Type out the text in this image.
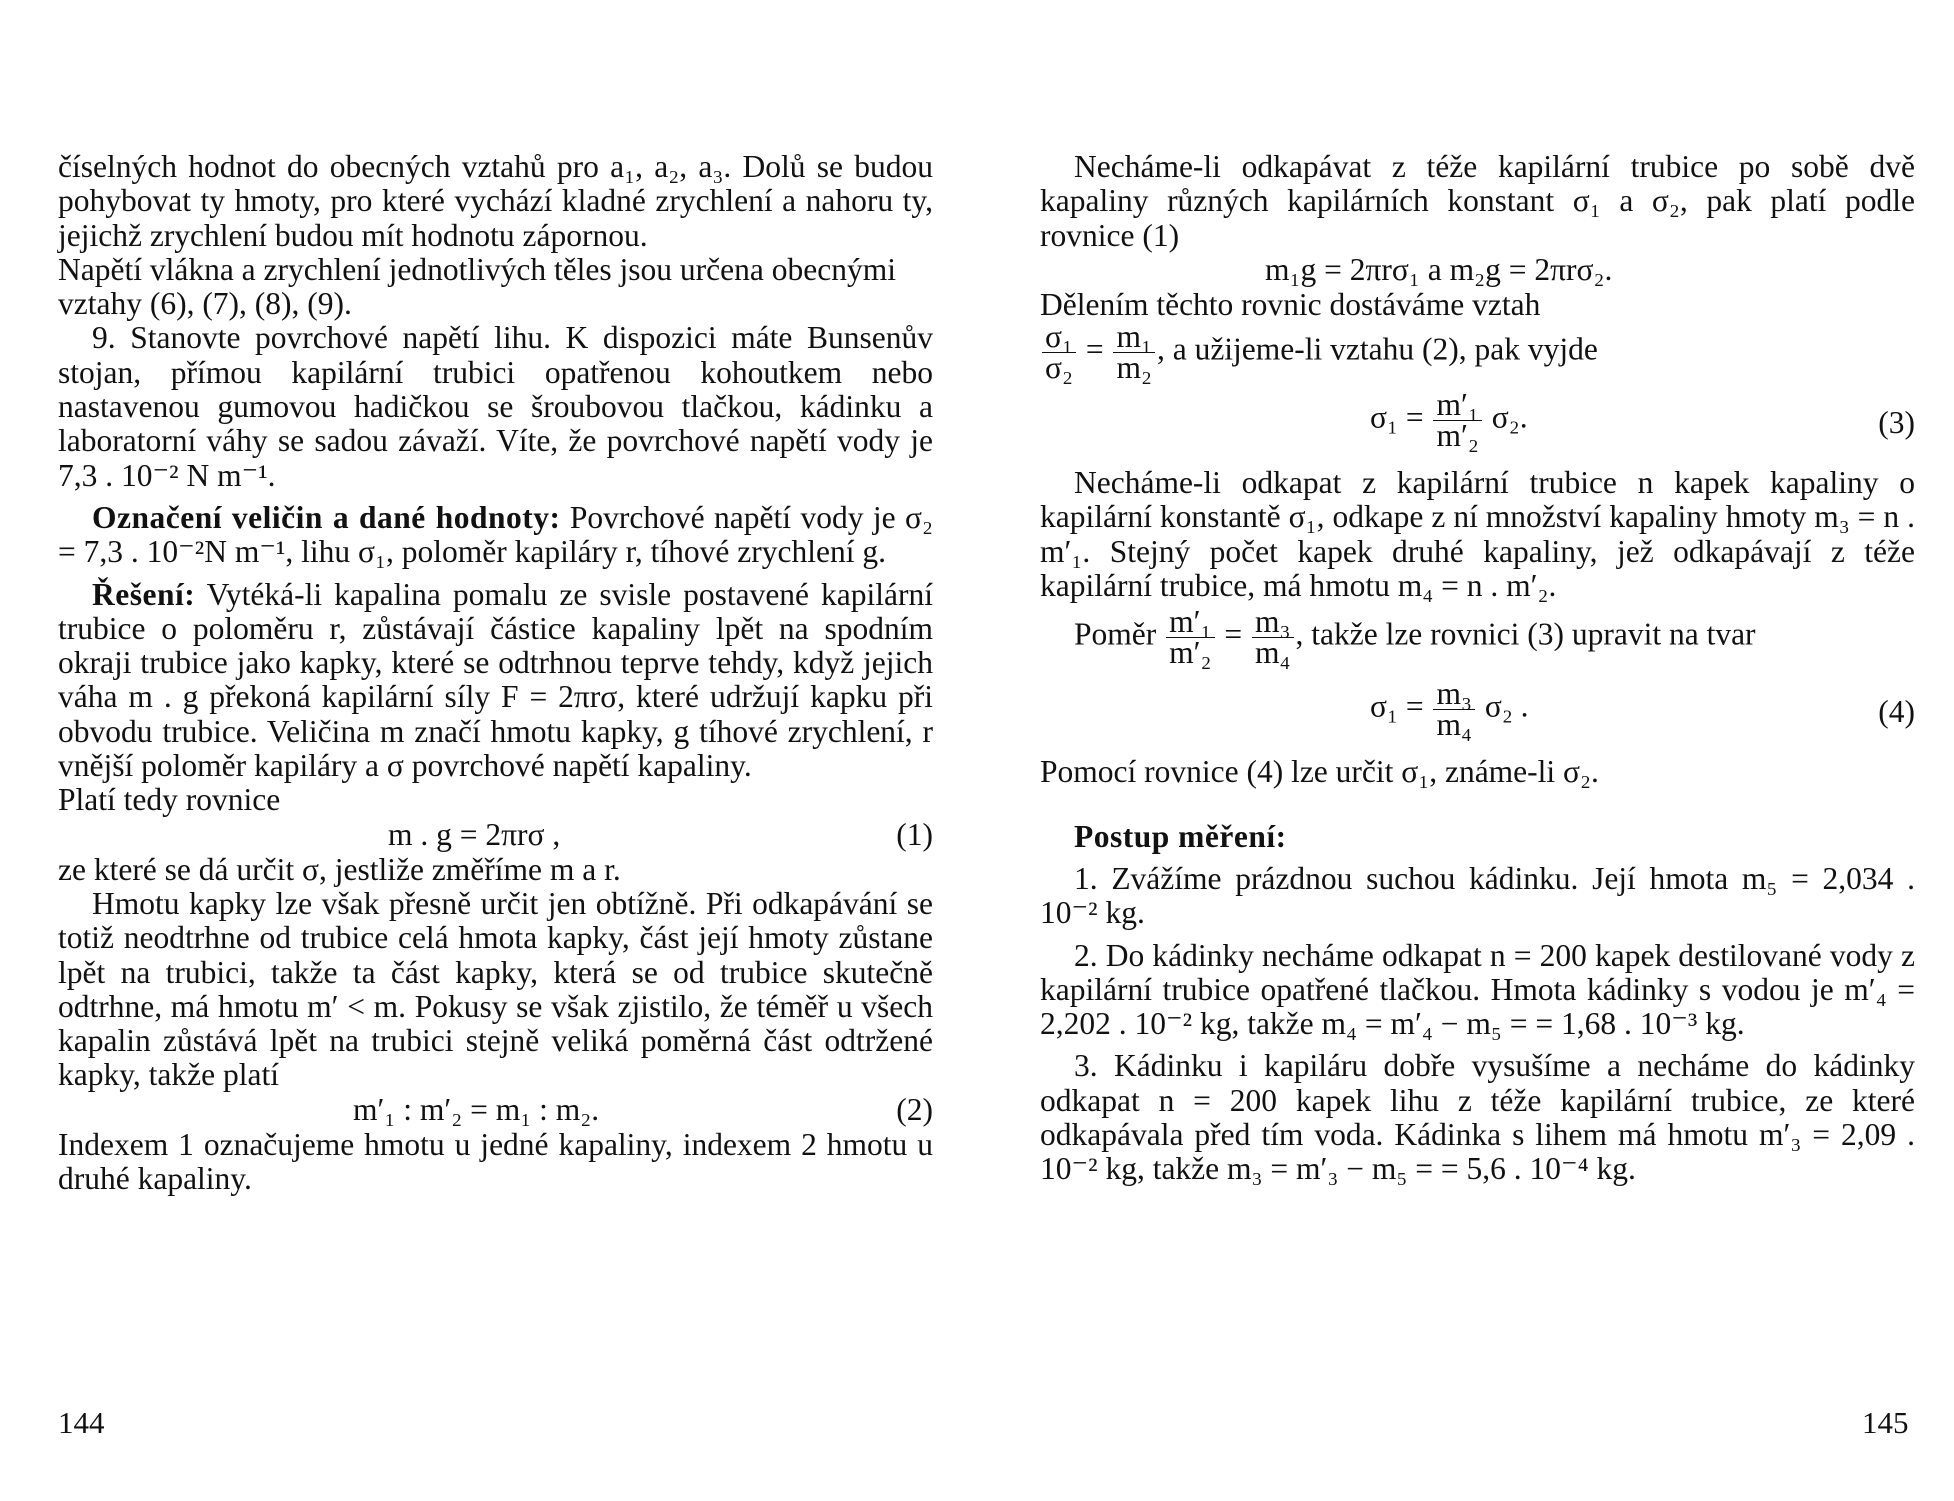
číselných hodnot do obecných vztahů pro a₁, a₂, a₃. Dolů se budou pohybovat ty hmoty, pro které vychází kladné zrychlení a nahoru ty, jejichž zrychlení budou mít hodnotu zápornou.

Napětí vlákna a zrychlení jednotlivých těles jsou určena obecnými vztahy (6), (7), (8), (9).

9. Stanovte povrchové napětí lihu. K dispozici máte Bunsenův stojan, přímou kapilární trubici opatřenou kohoutkem nebo nastavenou gumovou hadičkou se šroubovou tlačkou, kádinku a laboratorní váhy se sadou závaží. Víte, že povrchové napětí vody je 7,3 . 10⁻² N m⁻¹.

Označení veličin a dané hodnoty: Povrchové napětí vody je σ₂ = 7,3 . 10⁻²N m⁻¹, lihu σ₁, poloměr kapiláry r, tíhové zrychlení g.

Řešení: Vytéká-li kapalina pomalu ze svisle postavené kapilární trubice o poloměru r, zůstávají částice kapaliny lpět na spodním okraji trubice jako kapky, které se odtrhnou teprve tehdy, když jejich váha m . g překoná kapilární síly F = 2πrσ, které udržují kapku při obvodu trubice. Veličina m značí hmotu kapky, g tíhové zrychlení, r vnější poloměr kapiláry a σ povrchové napětí kapaliny.

Platí tedy rovnice

m . g = 2πrσ ,	(1)

ze které se dá určit σ, jestliže změříme m a r.

Hmotu kapky lze však přesně určit jen obtížně. Při odkapávání se totiž neodtrhne od trubice celá hmota kapky, část její hmoty zůstane lpět na trubici, takže ta část kapky, která se od trubice skutečně odtrhne, má hmotu m′ < m. Pokusy se však zjistilo, že téměř u všech kapalin zůstává lpět na trubici stejně veliká poměrná část odtržené kapky, takže platí

m′₁ : m′₂ = m₁ : m₂.	(2)

Indexem 1 označujeme hmotu u jedné kapaliny, indexem 2 hmotu u druhé kapaliny.

Necháme-li odkapávat z téže kapilární trubice po sobě dvě kapaliny různých kapilárních konstant σ₁ a σ₂, pak platí podle rovnice (1)

m₁g = 2πrσ₁ a m₂g = 2πrσ₂.

Dělením těchto rovnic dostáváme vztah

$\frac{\text{σ₁}}{\text{σ₂}} = \frac{\text{m₁}}{\text{m₂}}$ , a užijeme-li vztahu (2), pak vyjde
$\sigma_1 = \frac{\text{m′₁}}{\text{m′₂}} \sigma_2$.	(3)

Necháme-li odkapat z kapilární trubice n kapek kapaliny o kapilární konstantě σ₁, odkape z ní množství kapaliny hmoty m₃ = n . m′₁. Stejný počet kapek druhé kapaliny, jež odkapávají z téže kapilární trubice, má hmotu m₄ = n . m′₂.

Poměr $\frac{\text{m′₁}}{\text{m′₂}} = \frac{\text{m₃}}{\text{m₄}}$ , takže lze rovnici (3) upravit na tvar
$\sigma_1 = \frac{\text{m₃}}{\text{m₄}} \sigma_2$ .	(4)

Pomocí rovnice (4) lze určit σ₁, známe-li σ₂.

Postup měření:

1. Zvážíme prázdnou suchou kádinku. Její hmota m₅ = 2,034 . 10⁻² kg.

2. Do kádinky necháme odkapat n = 200 kapek destilované vody z kapilární trubice opatřené tlačkou. Hmota kádinky s vodou je m′₄ = 2,202 . 10⁻² kg, takže m₄ = m′₄ − m₅ = = 1,68 . 10⁻³ kg.

3. Kádinku i kapiláru dobře vysušíme a necháme do kádinky odkapat n = 200 kapek lihu z téže kapilární trubice, ze které odkapávala před tím voda. Kádinka s lihem má hmotu m′₃ = 2,09 . 10⁻² kg, takže m₃ = m′₃ − m₅ = = 5,6 . 10⁻⁴ kg.

144	145
